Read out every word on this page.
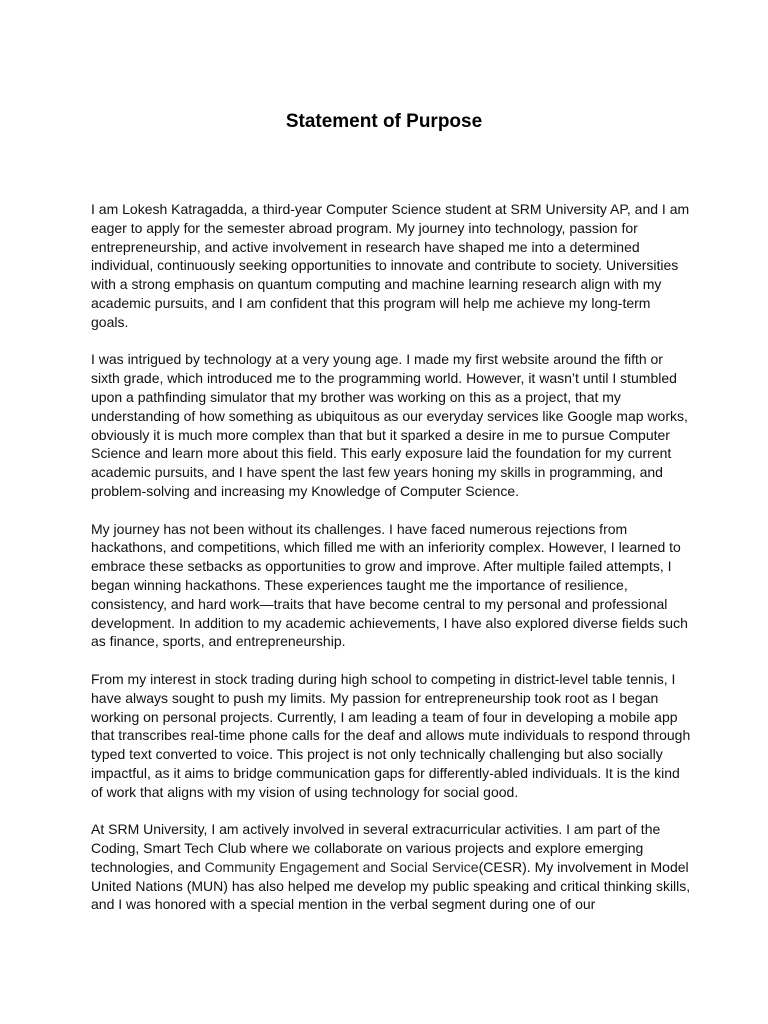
Statement of Purpose

I am Lokesh Katragadda, a third-year Computer Science student at SRM University AP, and I am eager to apply for the semester abroad program. My journey into technology, passion for entrepreneurship, and active involvement in research have shaped me into a determined individual, continuously seeking opportunities to innovate and contribute to society. Universities with a strong emphasis on quantum computing and machine learning research align with my academic pursuits, and I am confident that this program will help me achieve my long-term goals.

I was intrigued by technology at a very young age. I made my first website around the fifth or sixth grade, which introduced me to the programming world. However, it wasn’t until I stumbled upon a pathfinding simulator that my brother was working on this as a project, that my understanding of how something as ubiquitous as our everyday services like Google map works, obviously it is much more complex than that but it sparked a desire in me to pursue Computer Science and learn more about this field. This early exposure laid the foundation for my current academic pursuits, and I have spent the last few years honing my skills in programming, and problem-solving and increasing my Knowledge of Computer Science.

My journey has not been without its challenges. I have faced numerous rejections from hackathons, and competitions, which filled me with an inferiority complex. However, I learned to embrace these setbacks as opportunities to grow and improve. After multiple failed attempts, I began winning hackathons. These experiences taught me the importance of resilience, consistency, and hard work—traits that have become central to my personal and professional development. In addition to my academic achievements, I have also explored diverse fields such as finance, sports, and entrepreneurship.

From my interest in stock trading during high school to competing in district-level table tennis, I have always sought to push my limits. My passion for entrepreneurship took root as I began working on personal projects. Currently, I am leading a team of four in developing a mobile app that transcribes real-time phone calls for the deaf and allows mute individuals to respond through typed text converted to voice. This project is not only technically challenging but also socially impactful, as it aims to bridge communication gaps for differently-abled individuals. It is the kind of work that aligns with my vision of using technology for social good.

At SRM University, I am actively involved in several extracurricular activities. I am part of the Coding, Smart Tech Club where we collaborate on various projects and explore emerging technologies, and Community Engagement and Social Service(CESR). My involvement in Model United Nations (MUN) has also helped me develop my public speaking and critical thinking skills, and I was honored with a special mention in the verbal segment during one of our
